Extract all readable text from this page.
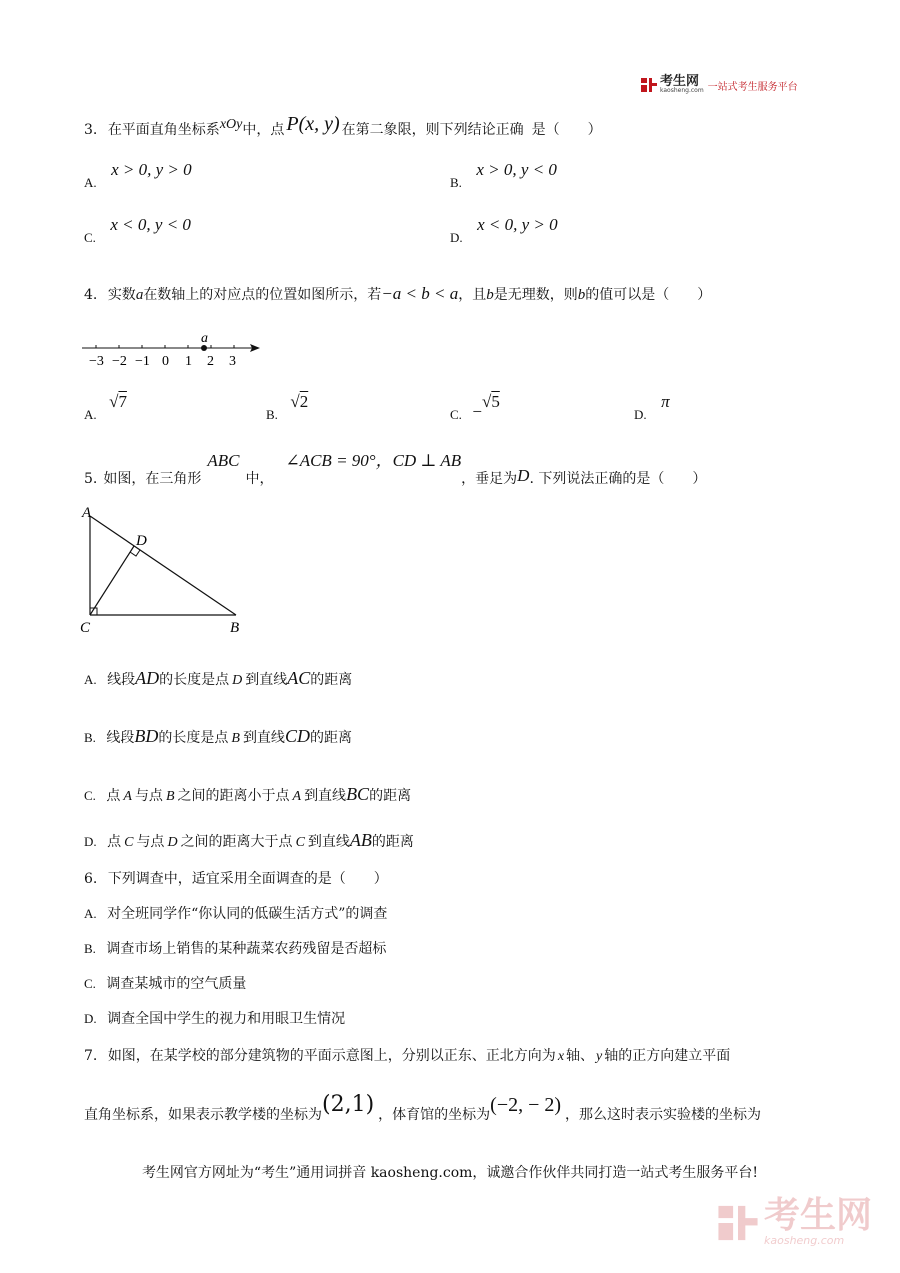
考生网
kaosheng.com 一站式考生服务平台
3. 在平面直角坐标系xOy中，点 P(x, y) 在第二象限，则下列结论正确 是（　　）
A. x > 0, y > 0
B. x > 0, y < 0
C. x < 0, y < 0
D. x < 0, y > 0
4. 实数a在数轴上的对应点的位置如图所示，若−a < b < a，且b是无理数，则b的值可以是（　　）
a
−3 −2 −1 0 1 2 3
A. √7
B. √2
C. −√5
D. π
5. 如图，在三角形ABC中，∠ACB = 90°，CD ⊥ AB，垂足为D. 下列说法正确的是（　　）
A
D
C	B
A. 线段AD的长度是点 D 到直线AC的距离
B. 线段BD的长度是点 B 到直线CD的距离
C. 点 A 与点 B 之间的距离小于点 A 到直线BC的距离
D. 点 C 与点 D 之间的距离大于点 C 到直线AB的距离
6. 下列调查中，适宜采用全面调查的是（　　）
A. 对全班同学作“你认同的低碳生活方式”的调查
B. 调查市场上销售的某种蔬菜农药残留是否超标
C. 调查某城市的空气质量
D. 调查全国中学生的视力和用眼卫生情况
7. 如图，在某学校的部分建筑物的平面示意图上，分别以正东、正北方向为 x 轴、 y 轴的正方向建立平面
直角坐标系，如果表示教学楼的坐标为(2,1) ，体育馆的坐标为(−2, − 2) ，那么这时表示实验楼的坐标为
考生网官方网址为“考生”通用词拼音 kaosheng.com，诚邀合作伙伴共同打造一站式考生服务平台!
考生网
kaosheng.com
